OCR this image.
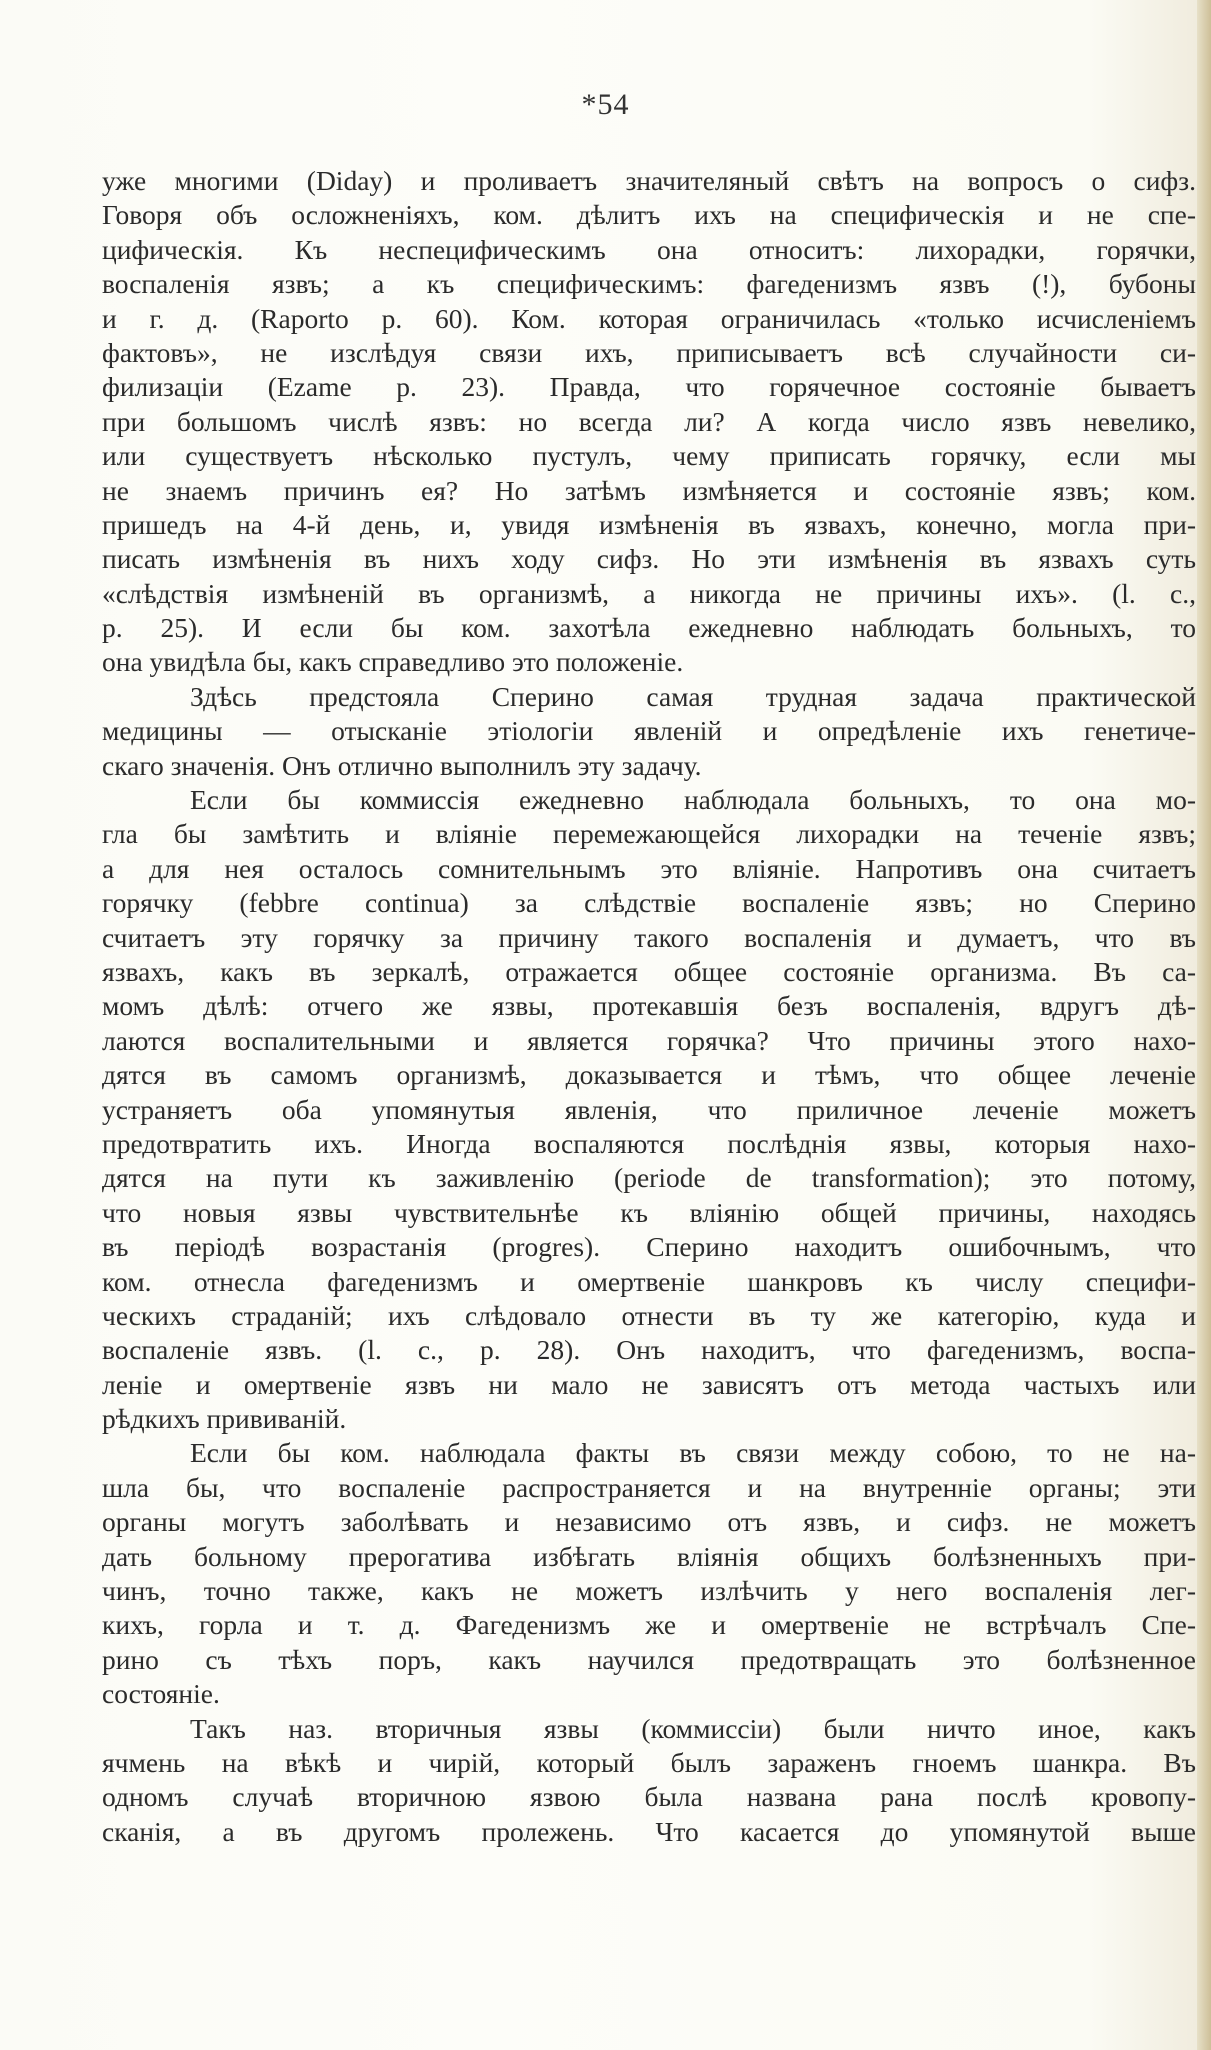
*54
уже многими (Diday) и проливаетъ значителяный свѣтъ на вопросъ о сифз.
Говоря объ осложненіяхъ, ком. дѣлитъ ихъ на специфическія и не спе-
цифическія. Къ неспецифическимъ она относитъ: лихорадки, горячки,
воспаленія язвъ; а къ специфическимъ: фагеденизмъ язвъ (!), бубоны
и г. д. (Raporto p. 60). Ком. которая ограничилась «только исчисленіемъ
фактовъ», не изслѣдуя связи ихъ, приписываетъ всѣ случайности си-
филизаціи (Ezame p. 23). Правда, что горячечное состояніе бываетъ
при большомъ числѣ язвъ: но всегда ли? А когда число язвъ невелико,
или существуетъ нѣсколько пустулъ, чему приписать горячку, если мы
не знаемъ причинъ ея? Но затѣмъ измѣняется и состояніе язвъ; ком.
пришедъ на 4-й день, и, увидя измѣненія въ язвахъ, конечно, могла при-
писать измѣненія въ нихъ ходу сифз. Но эти измѣненія въ язвахъ суть
«слѣдствія измѣненій въ организмѣ, а никогда не причины ихъ». (l. c.,
p. 25). И если бы ком. захотѣла ежедневно наблюдать больныхъ, то
она увидѣла бы, какъ справедливо это положеніе.
Здѣсь предстояла Сперино самая трудная задача практической
медицины — отысканіе этіологіи явленій и опредѣленіе ихъ генетиче-
скаго значенія. Онъ отлично выполнилъ эту задачу.
Если бы коммиссія ежедневно наблюдала больныхъ, то она мо-
гла бы замѣтить и вліяніе перемежающейся лихорадки на теченіе язвъ;
а для нея осталось сомнительнымъ это вліяніе. Напротивъ она считаетъ
горячку (febbre continua) за слѣдствіе воспаленіе язвъ; но Сперино
считаетъ эту горячку за причину такого воспаленія и думаетъ, что въ
язвахъ, какъ въ зеркалѣ, отражается общее состояніе организма. Въ са-
момъ дѣлѣ: отчего же язвы, протекавшія безъ воспаленія, вдругъ дѣ-
лаются воспалительными и является горячка? Что причины этого нахо-
дятся въ самомъ организмѣ, доказывается и тѣмъ, что общее леченіе
устраняетъ оба упомянутыя явленія, что приличное леченіе можетъ
предотвратить ихъ. Иногда воспаляются послѣднія язвы, которыя нахо-
дятся на пути къ заживленію (periode de transformation); это потому,
что новыя язвы чувствительнѣе къ вліянію общей причины, находясь
въ періодѣ возрастанія (progres). Сперино находитъ ошибочнымъ, что
ком. отнесла фагеденизмъ и омертвеніе шанкровъ къ числу специфи-
ческихъ страданій; ихъ слѣдовало отнести въ ту же категорію, куда и
воспаленіе язвъ. (l. c., p. 28). Онъ находитъ, что фагеденизмъ, воспа-
леніе и омертвеніе язвъ ни мало не зависятъ отъ метода частыхъ или
рѣдкихъ прививаній.
Если бы ком. наблюдала факты въ связи между собою, то не на-
шла бы, что воспаленіе распространяется и на внутренніе органы; эти
органы могутъ заболѣвать и независимо отъ язвъ, и сифз. не можетъ
дать больному прерогатива избѣгать вліянія общихъ болѣзненныхъ при-
чинъ, точно также, какъ не можетъ излѣчить у него воспаленія лег-
кихъ, горла и т. д. Фагеденизмъ же и омертвеніе не встрѣчалъ Спе-
рино съ тѣхъ поръ, какъ научился предотвращать это болѣзненное
состояніе.
Такъ наз. вторичныя язвы (коммиссіи) были ничто иное, какъ
ячмень на вѣкѣ и чирій, который былъ зараженъ гноемъ шанкра. Въ
одномъ случаѣ вторичною язвою была названа рана послѣ кровопу-
сканія, а въ другомъ пролежень. Что касается до упомянутой выше
